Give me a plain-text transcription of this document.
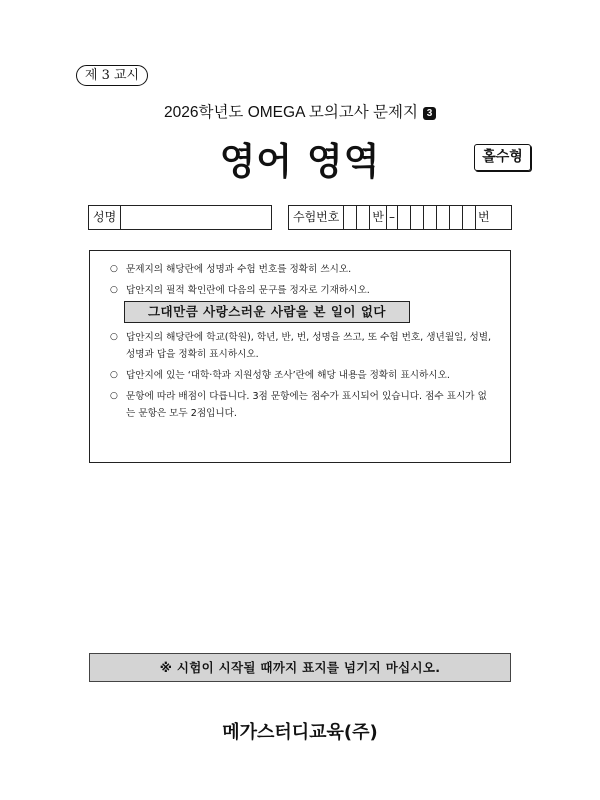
제 3 교시
2026학년도 OMEGA 모의고사 문제지 3
영어 영역	홀수형
성명	수험번호	반 –	번
○ 문제지의 해당란에 성명과 수험 번호를 정확히 쓰시오.
○ 답안지의 필적 확인란에 다음의 문구를 정자로 기재하시오.
그대만큼 사랑스러운 사람을 본 일이 없다
○ 답안지의 해당란에 학교(학원), 학년, 반, 번, 성명을 쓰고, 또 수험 번호, 생년월일, 성별, 성명과 답을 정확히 표시하시오.
○ 답안지에 있는 ‘대학·학과 지원성향 조사’란에 해당 내용을 정확히 표시하시오.
○ 문항에 따라 배점이 다릅니다. 3점 문항에는 점수가 표시되어 있습니다. 점수 표시가 없는 문항은 모두 2점입니다.
※ 시험이 시작될 때까지 표지를 넘기지 마십시오.
메가스터디교육(주)
